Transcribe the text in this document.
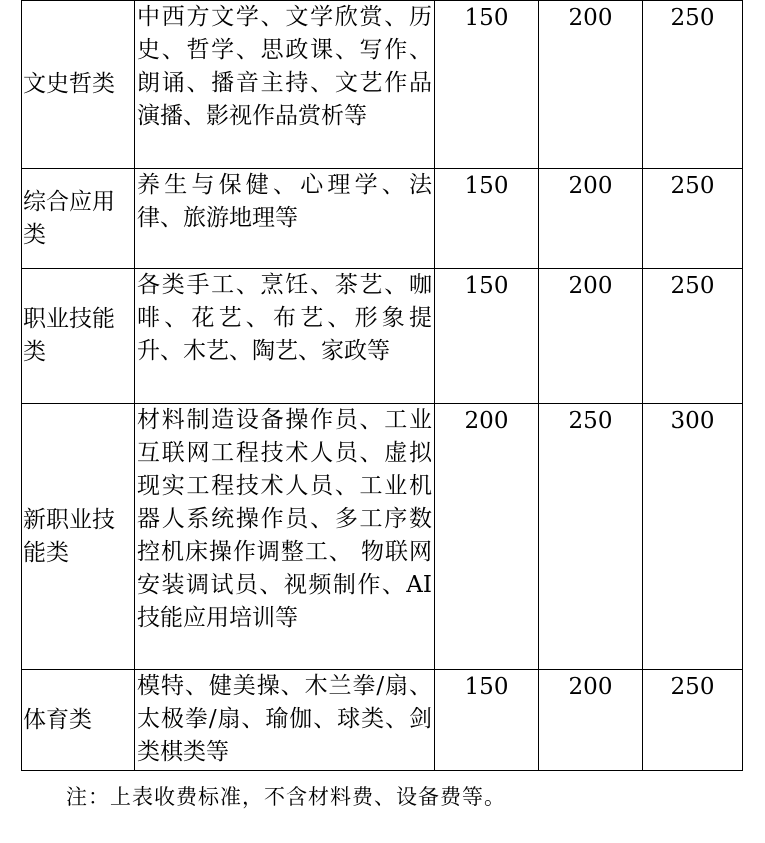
文史哲类	中西方文学、文学欣赏、历史、哲学、思政课、写作、朗诵、播音主持、文艺作品演播、影视作品赏析等	150	200	250
综合应用类	养生与保健、心理学、法律、旅游地理等	150	200	250
职业技能类	各类手工、烹饪、茶艺、咖啡、花艺、布艺、形象提升、木艺、陶艺、家政等	150	200	250
新职业技能类	材料制造设备操作员、工业互联网工程技术人员、虚拟现实工程技术人员、工业机器人系统操作员、多工序数控机床操作调整工、 物联网安装调试员、视频制作、AI技能应用培训等	200	250	300
体育类	模特、健美操、木兰拳/扇、太极拳/扇、瑜伽、球类、剑类棋类等	150	200	250
注：上表收费标准，不含材料费、设备费等。
